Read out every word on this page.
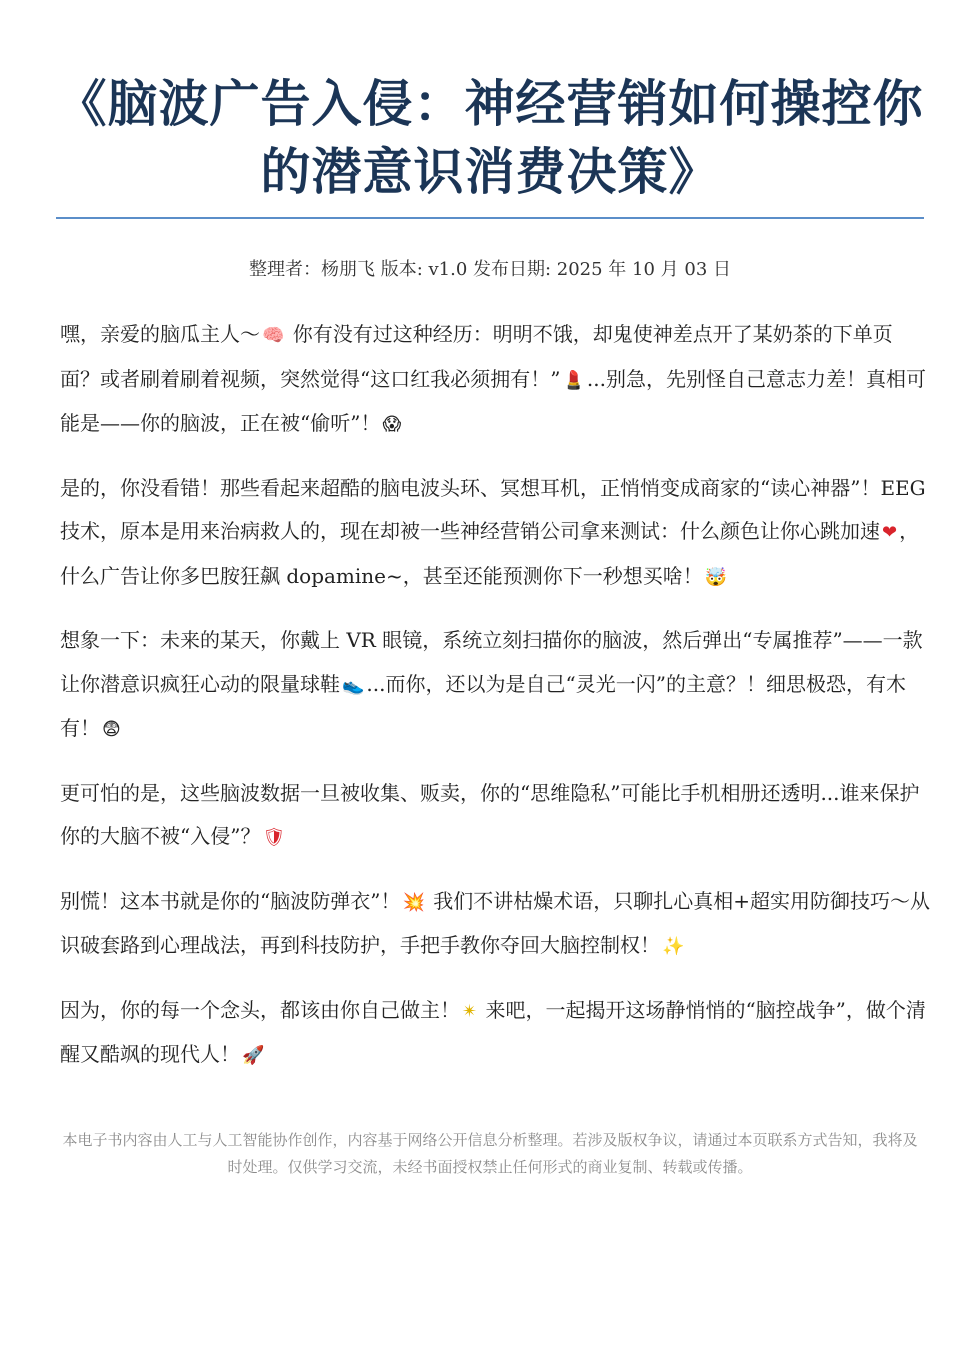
《脑波广告入侵：神经营销如何操控你的潜意识消费决策》
整理者：杨朋飞 版本: v1.0 发布日期: 2025 年 10 月 03 日

嘿，亲爱的脑瓜主人～ 🧠 你有没有过这种经历：明明不饿，却鬼使神差点开了某奶茶的下单页面？或者刷着刷着视频，突然觉得“这口红我必须拥有！” 💄 ...别急，先别怪自己意志力差！真相可能是——你的脑波，正在被“偷听”！ 😱

是的，你没看错！那些看起来超酷的脑电波头环、冥想耳机，正悄悄变成商家的“读心神器”！EEG 技术，原本是用来治病救人的，现在却被一些神经营销公司拿来测试：什么颜色让你心跳加速 ❤ ，什么广告让你多巴胺狂飙 dopamine~，甚至还能预测你下一秒想买啥！ 🤯

想象一下：未来的某天，你戴上 VR 眼镜，系统立刻扫描你的脑波，然后弹出“专属推荐”——一款让你潜意识疯狂心动的限量球鞋 👟 ...而你，还以为是自己“灵光一闪”的主意？！细思极恐，有木有！ 😨

更可怕的是，这些脑波数据一旦被收集、贩卖，你的“思维隐私”可能比手机相册还透明...谁来保护你的大脑不被“入侵”？ 🛡

别慌！这本书就是你的“脑波防弹衣”！ 💥 我们不讲枯燥术语，只聊扎心真相+超实用防御技巧～从识破套路到心理战法，再到科技防护，手把手教你夺回大脑控制权！ ✨

因为，你的每一个念头，都该由你自己做主！ ✴ 来吧，一起揭开这场静悄悄的“脑控战争”，做个清醒又酷飒的现代人！ 🚀

本电子书内容由人工与人工智能协作创作，内容基于网络公开信息分析整理。若涉及版权争议，请通过本页联系方式告知，我将及时处理。仅供学习交流，未经书面授权禁止任何形式的商业复制、转载或传播。
